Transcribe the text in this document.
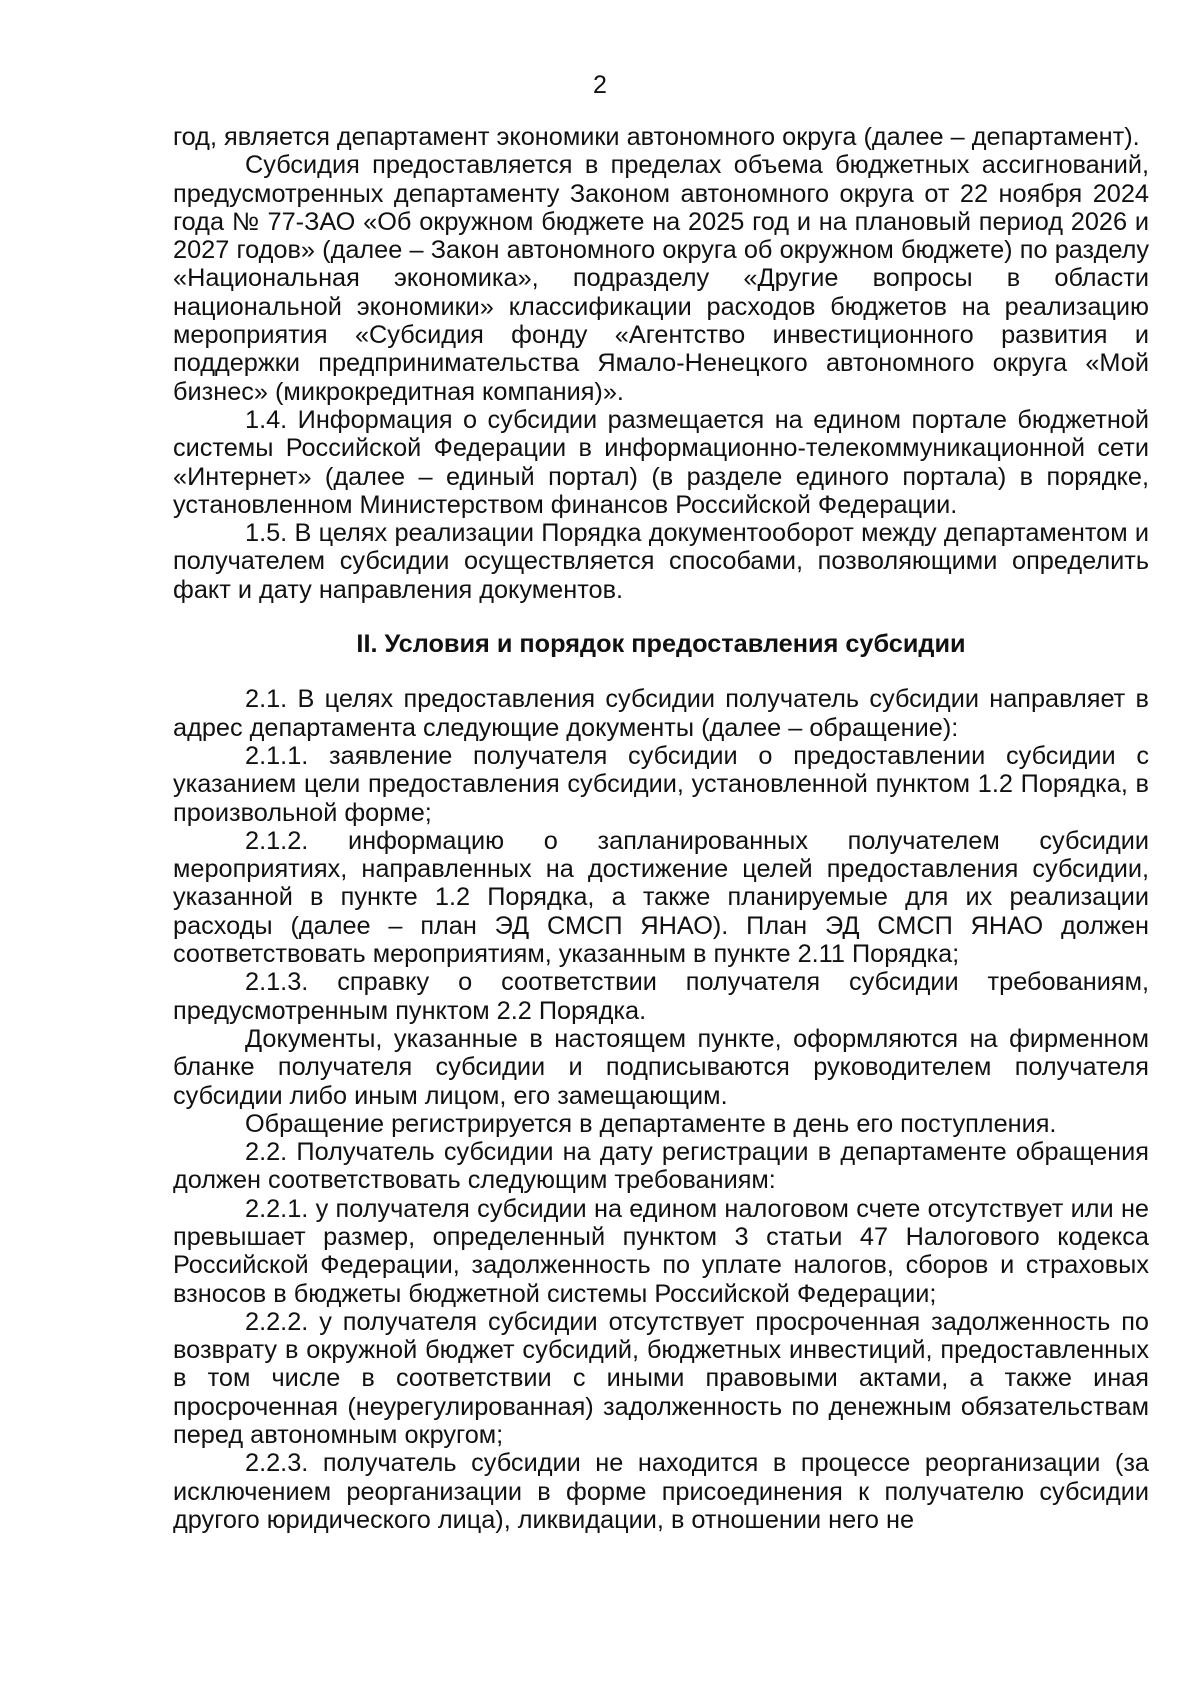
2

год, является департамент экономики автономного округа (далее – департамент).

Субсидия предоставляется в пределах объема бюджетных ассигнований, предусмотренных департаменту Законом автономного округа от 22 ноября 2024 года № 77-ЗАО «Об окружном бюджете на 2025 год и на плановый период 2026 и 2027 годов» (далее – Закон автономного округа об окружном бюджете) по разделу «Национальная экономика», подразделу «Другие вопросы в области национальной экономики» классификации расходов бюджетов на реализацию мероприятия «Субсидия фонду «Агентство инвестиционного развития и поддержки предпринимательства Ямало-Ненецкого автономного округа «Мой бизнес» (микрокредитная компания)».

1.4. Информация о субсидии размещается на едином портале бюджетной системы Российской Федерации в информационно-телекоммуникационной сети «Интернет» (далее – единый портал) (в разделе единого портала) в порядке, установленном Министерством финансов Российской Федерации.

1.5. В целях реализации Порядка документооборот между департаментом и получателем субсидии осуществляется способами, позволяющими определить факт и дату направления документов.

II. Условия и порядок предоставления субсидии

2.1. В целях предоставления субсидии получатель субсидии направляет в адрес департамента следующие документы (далее – обращение):

2.1.1. заявление получателя субсидии о предоставлении субсидии с указанием цели предоставления субсидии, установленной пунктом 1.2 Порядка, в произвольной форме;

2.1.2. информацию о запланированных получателем субсидии мероприятиях, направленных на достижение целей предоставления субсидии, указанной в пункте 1.2 Порядка, а также планируемые для их реализации расходы (далее – план ЭД СМСП ЯНАО). План ЭД СМСП ЯНАО должен соответствовать мероприятиям, указанным в пункте 2.11 Порядка;

2.1.3. справку о соответствии получателя субсидии требованиям, предусмотренным пунктом 2.2 Порядка.

Документы, указанные в настоящем пункте, оформляются на фирменном бланке получателя субсидии и подписываются руководителем получателя субсидии либо иным лицом, его замещающим.

Обращение регистрируется в департаменте в день его поступления.

2.2. Получатель субсидии на дату регистрации в департаменте обращения должен соответствовать следующим требованиям:

2.2.1. у получателя субсидии на едином налоговом счете отсутствует или не превышает размер, определенный пунктом 3 статьи 47 Налогового кодекса Российской Федерации, задолженность по уплате налогов, сборов и страховых взносов в бюджеты бюджетной системы Российской Федерации;

2.2.2. у получателя субсидии отсутствует просроченная задолженность по возврату в окружной бюджет субсидий, бюджетных инвестиций, предоставленных в том числе в соответствии с иными правовыми актами, а также иная просроченная (неурегулированная) задолженность по денежным обязательствам перед автономным округом;

2.2.3. получатель субсидии не находится в процессе реорганизации (за исключением реорганизации в форме присоединения к получателю субсидии другого юридического лица), ликвидации, в отношении него не
